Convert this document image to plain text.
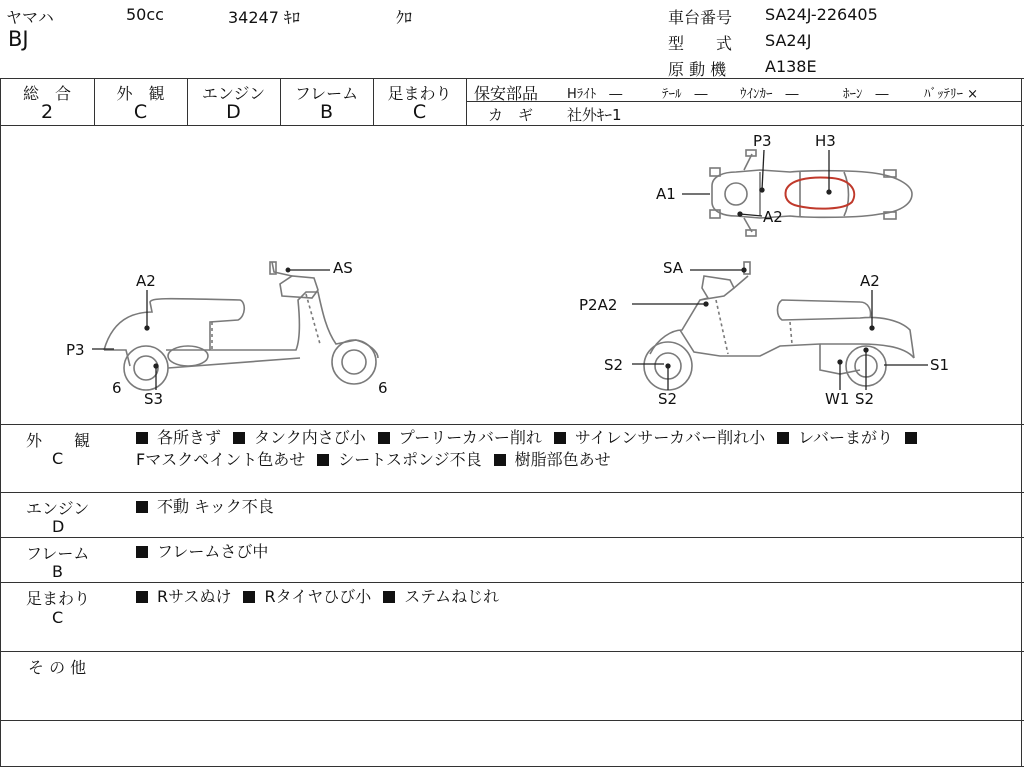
ヤマハ	50cc	34247 ｷﾛ	ｸﾛ
BJ
車台番号 SA24J-226405
型　　式 SA24J
原 動 機 A138E
総　合
2
外　観
C
エンジン
D
フレーム
B
足まわり
C
保安部品 Hﾗｲﾄ　―	ﾃｰﾙ　― ｳｲﾝｶｰ　―	ﾎｰﾝ　―	ﾊﾞｯﾃﾘｰ ×
カ　ギ 社外ｷｰ1
AS
A2
P3
6
S3
6
P3	H3
A1
A2
SA
A2
P2A2
S2
S2
S1
W1 S2
外　　観
C
各所きず タンク内さび小 プーリーカバー削れ サイレンサーカバー削れ小 レバーまがり
Fマスクペイント色あせ シートスポンジ不良 樹脂部色あせ
エンジン
D
不動 キック不良
フレーム
B
フレームさび中
足まわり
C
Rサスぬけ Rタイヤひび小 ステムねじれ
そ の 他
